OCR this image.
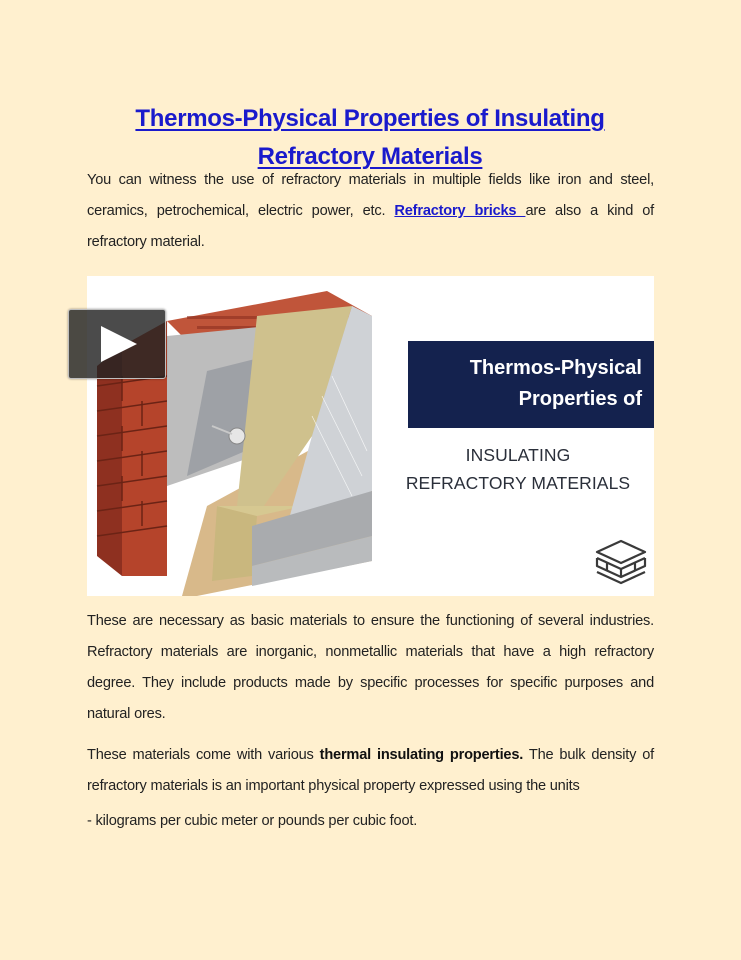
Thermos-Physical Properties of Insulating
Refractory Materials

You can witness the use of refractory materials in multiple fields like iron and steel, ceramics, petrochemical, electric power, etc. Refractory bricks are also a kind of refractory material.

Thermos-Physical
Properties of
INSULATING
REFRACTORY MATERIALS

These are necessary as basic materials to ensure the functioning of several industries. Refractory materials are inorganic, nonmetallic materials that have a high refractory degree. They include products made by specific processes for specific purposes and natural ores.

These materials come with various thermal insulating properties. The bulk density of refractory materials is an important physical property expressed using the units
- kilograms per cubic meter or pounds per cubic foot.
